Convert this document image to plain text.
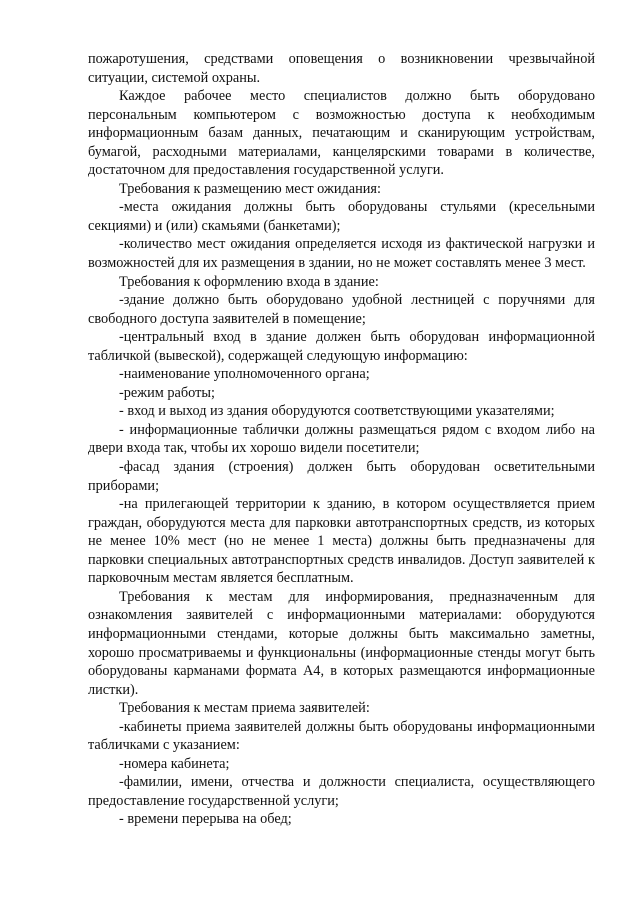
пожаротушения, средствами оповещения о возникновении чрезвычайной ситуации, системой охраны.

Каждое рабочее место специалистов должно быть оборудовано персональным компьютером с возможностью доступа к необходимым информационным базам данных, печатающим и сканирующим устройствам, бумагой, расходными материалами, канцелярскими товарами в количестве, достаточном для предоставления государственной услуги.

Требования к размещению мест ожидания:

-места ожидания должны быть оборудованы стульями (кресельными секциями) и (или) скамьями (банкетами);

-количество мест ожидания определяется исходя из фактической нагрузки и возможностей для их размещения в здании, но не может составлять менее 3 мест.

Требования к оформлению входа в здание:

-здание должно быть оборудовано удобной лестницей с поручнями для свободного доступа заявителей в помещение;

-центральный вход в здание должен быть оборудован информационной табличкой (вывеской), содержащей следующую информацию:

-наименование уполномоченного органа;

-режим работы;

- вход и выход из здания оборудуются соответствующими указателями;

- информационные таблички должны размещаться рядом с входом либо на двери входа так, чтобы их хорошо видели посетители;

-фасад здания (строения) должен быть оборудован осветительными приборами;

-на прилегающей территории к зданию, в котором осуществляется прием граждан, оборудуются места для парковки автотранспортных средств, из которых не менее 10% мест (но не менее 1 места) должны быть предназначены для парковки специальных автотранспортных средств инвалидов. Доступ заявителей к парковочным местам является бесплатным.

Требования к местам для информирования, предназначенным для ознакомления заявителей с информационными материалами: оборудуются информационными стендами, которые должны быть максимально заметны, хорошо просматриваемы и функциональны (информационные стенды могут быть оборудованы карманами формата А4, в которых размещаются информационные листки).

Требования к местам приема заявителей:

-кабинеты приема заявителей должны быть оборудованы информационными табличками с указанием:

-номера кабинета;

-фамилии, имени, отчества и должности специалиста, осуществляющего предоставление государственной услуги;

- времени перерыва на обед;
